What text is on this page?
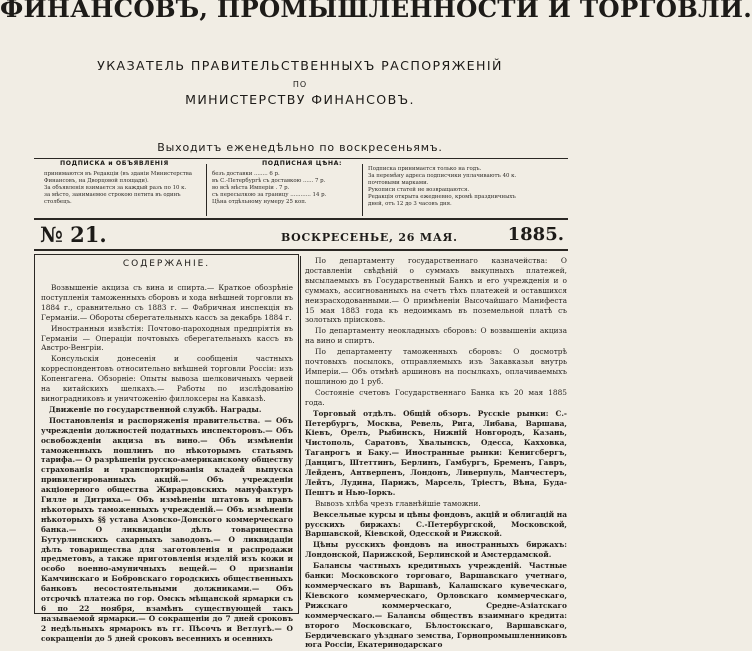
ФИНАНСОВЪ, ПРОМЫШЛЕННОСТИ И ТОРГОВЛИ.
УКАЗАТЕЛЬ ПРАВИТЕЛЬСТВЕННЫХЪ РАСПОРЯЖЕНІЙ
ПО
МИНИСТЕРСТВУ ФИНАНСОВЪ.
Выходитъ еженедѣльно по воскресеньямъ.
ПОДПИСКА и ОБЪЯВЛЕНІЯ
принимаются въ Редакціи (въ зданіи Министерства
Финансовъ, на Дворцовой площади).
За объявленія взимается за каждый разъ по 10 к.
за мѣсто, занимаемое строкою петита въ одинъ
столбецъ.
ПОДПИСНАЯ ЦѢНА:
безъ доставки ........ 6 р.
въ С.-Петербургѣ съ доставкою ...... 7 р.
во всѣ мѣста Имперіи . 7 р.
съ пересылкою за границу ............ 14 р.
Цѣна отдѣльному нумеру 25 коп.
Подписка принимается только на годъ.
За перемѣну адреса подписчики уплачиваютъ 40 к.
почтовыми марками.
Рукописи статей не возвращаются.
Редакція открыта ежедневно, кромѣ праздничныхъ
дней, отъ 12 до 3 часовъ дня.
№ 21.	ВОСКРЕСЕНЬЕ, 26 МАЯ.	1885.
СОДЕРЖАНІЕ.

Возвышеніе акциза съ вина и спирта.— Краткое обозрѣніе поступленія таможенныхъ сборовъ и хода внѣшней торговли въ 1884 г., сравнительно съ 1883 г. — Фабричная инспекція въ Германіи.— Обороты сберегательныхъ кассъ за декабрь 1884 г.

Иностранныя извѣстія: Почтово-пароходныя предпріятія въ Германіи — Операціи почтовыхъ сберегательныхъ кассъ въ Австро-Венгріи.

Консульскія донесенія и сообщенія частныхъ корреспондентовъ относительно внѣшней торговли Россіи: изъ Копенгагена. Обзорніе: Опыты вывоза шелковичныхъ червей на китайскихъ шелкахъ.— Работы по изслѣдованію виноградниковъ и уничтоженію филлоксеры на Кавказѣ.

Движеніе по государственной службѣ. Награды.

Постановленія и распоряженія правительства. — Объ учрежденіи должностей податныхъ инспекторовъ.— Объ освобожденіи акциза въ вино.— Объ измѣненіи таможенныхъ пошлинъ по нѣкоторымъ статьямъ тарифа.— О разрѣшеніи русско-американскому обществу страхованія и транспортированія кладей выпуска привилегированныхъ акцій.— Объ учрежденіи акціонерного общества Жирардовскихъ мануфактуръ Гилле и Дитриха.— Объ измѣненіи штатовъ и правъ нѣкоторыхъ таможенныхъ учрежденій.— Объ измѣненіи нѣкоторыхъ §§ устава Азовско-Донского коммерческаго банка.— О ликвидаціи дѣлъ товарищества Бутурлинскихъ сахарныхъ заводовъ.— О ликвидаціи дѣлъ товарищества для заготовленія и распродажи предметовъ, а также приготовленія изделій изъ кожи и особо военно-амуничныхъ вещей.— О признаніи Камчинскаго и Бобровскаго городскихъ общественныхъ банковъ несостоятельными должниками.— Объ отсрочкѣ платежа по гор. Омскъ мѣщанской ярмарки съ 6 по 22 ноября, взамѣнъ существующей такъ называемой ярмарки.— О сокращеніи до 7 дней сроковъ 2 недѣльныхъ ярмарокъ въ гг. Пѣсочъ и Ветлугѣ.— О сокращеніи до 5 дней сроковъ весеннихъ и осеннихъ

По департаменту государственнаго казначейства: О доставленіи свѣдѣній о суммахъ выкупныхъ платежей, высылаемыхъ въ Государственный Банкъ и его учрежденія и о суммахъ, ассигнованныхъ на счетъ тѣхъ платежей и оставшихся неизрасходованными.— О примѣненіи Высочайшаго Манифеста 15 мая 1883 года къ недоимкамъ въ поземельной платѣ съ золотыхъ пріисковъ.

По департаменту неокладныхъ сборовъ: О возвышеніи акциза на вино и спиртъ.

По департаменту таможенныхъ сборовъ: О досмотрѣ почтовыхъ посылокъ, отправляемыхъ изъ Закавказья внутрь Имперіи.— Объ отмѣнѣ аршиновъ на посылкахъ, оплачиваемыхъ пошлиною до 1 руб.

Состояніе счетовъ Государственнаго Банка къ 20 мая 1885 года.

Торговый отдѣлъ. Общій обзоръ. Русскіе рынки: С.-Петербургъ, Москва, Ревель, Рига, Либава, Варшава, Кіевъ, Орелъ, Рыбинскъ, Нижній Новгородъ, Казань, Чистополь, Саратовъ, Хвалынскъ, Одесса, Кахховка, Таганрогъ и Баку.— Иностранные рынки: Кенигсбергъ, Данцигъ, Штеттинъ, Берлинъ, Гамбургъ, Бременъ, Гавръ, Лейденъ, Антверпенъ, Лондонъ, Ливерпуль, Манчестеръ, Лейтъ, Лудина, Парижъ, Марсель, Тріестъ, Вѣна, Буда-Пештъ и Нью-Іоркъ.

Вывозъ хлѣба чрезъ главнѣйшіе таможни.

Вексельные курсы и цѣны фондовъ, акцій и облигацій на русскихъ биржахъ: С.-Петербургской, Московской, Варшавской, Кіевской, Одесской и Рижской.

Цѣны русскихъ фондовъ на иностранныхъ биржахъ: Лондонской, Парижской, Берлинской и Амстердамской.

Балансы частныхъ кредитныхъ учрежденій. Частные банки: Московского торговаго, Варшавскаго учетнаго, коммерческаго въ Варшавѣ, Калашскаго кувеческаго, Кіевского коммерческаго, Орловскаго коммерческаго, Рижскаго коммерческаго, Средне-Азіатскаго коммерческаго.— Балансы обществъ взаимнаго кредита: второго Московскаго, Бѣлостокскаго, Варшавскаго, Бердичевскаго уѣзднаго земства, Горнопромышленниковъ юга Россіи, Екатеринодарскаго
